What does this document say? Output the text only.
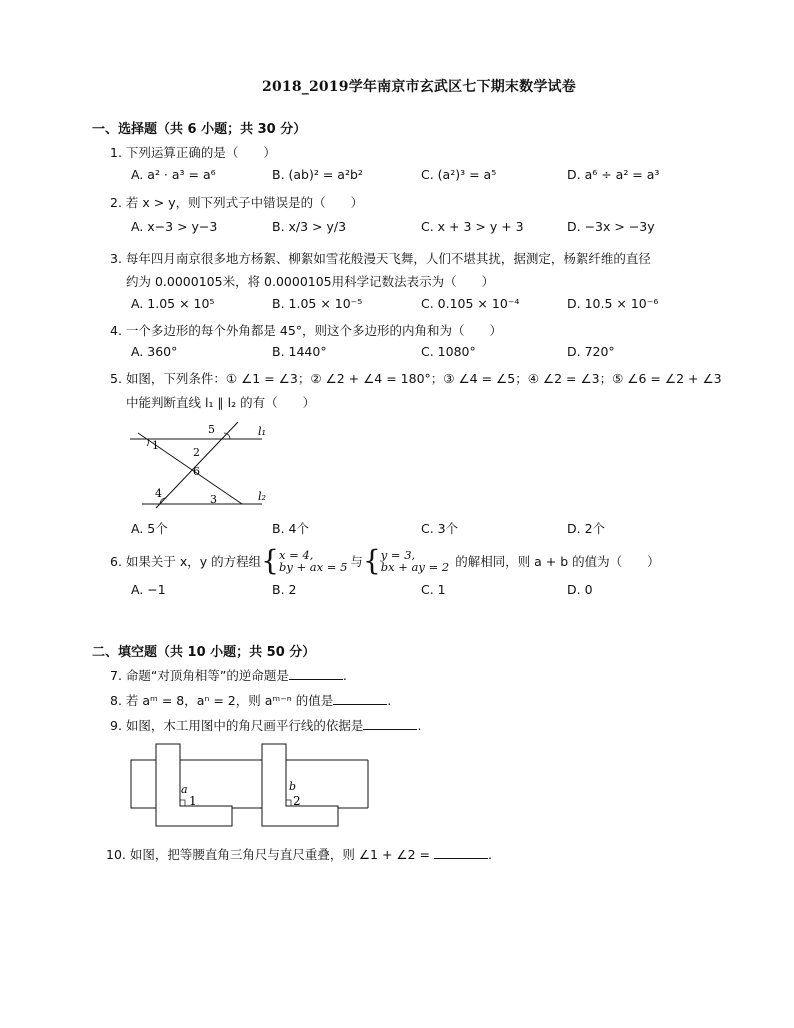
2018_2019学年南京市玄武区七下期末数学试卷
一、选择题（共 6 小题；共 30 分）
1. 下列运算正确的是（　　）
A. a² · a³ = a⁶	B. (ab)² = a²b²	C. (a²)³ = a⁵	D. a⁶ ÷ a² = a³
2. 若 x > y，则下列式子中错误是的（　　）
A. x−3 > y−3	B. x/3 > y/3	C. x + 3 > y + 3	D. −3x > −3y
3. 每年四月南京很多地方杨絮、柳絮如雪花般漫天飞舞，人们不堪其扰，据测定，杨絮纤维的直径
约为 0.0000105米，将 0.0000105用科学记数法表示为（　　）
A. 1.05 × 10⁵	B. 1.05 × 10⁻⁵	C. 0.105 × 10⁻⁴	D. 10.5 × 10⁻⁶
4. 一个多边形的每个外角都是 45°，则这个多边形的内角和为（　　）
A. 360°	B. 1440°	C. 1080°	D. 720°
5. 如图，下列条件：① ∠1 = ∠3；② ∠2 + ∠4 = 180°；③ ∠4 = ∠5；④ ∠2 = ∠3；⑤ ∠6 = ∠2 + ∠3
中能判断直线 l₁ ∥ l₂ 的有（　　）
1
5
2
6
4	3
l₁
l₂
A. 5个	B. 4个	C. 3个	D. 2个
6.
如果关于 x，y 的方程组 { x = 4,
by + ax = 5 与 { y = 3,
bx + ay = 2 的解相同，则 a + b 的值为（　　）
A. −1	B. 2	C. 1	D. 0
二、填空题（共 10 小题；共 50 分）
7. 命题“对顶角相等”的逆命题是	.
8. 若 aᵐ = 8，aⁿ = 2，则 aᵐ⁻ⁿ 的值是	.
9. 如图，木工用图中的角尺画平行线的依据是	.
a
1
b
2
10. 如图，把等腰直角三角尺与直尺重叠，则 ∠1 + ∠2 =	.
